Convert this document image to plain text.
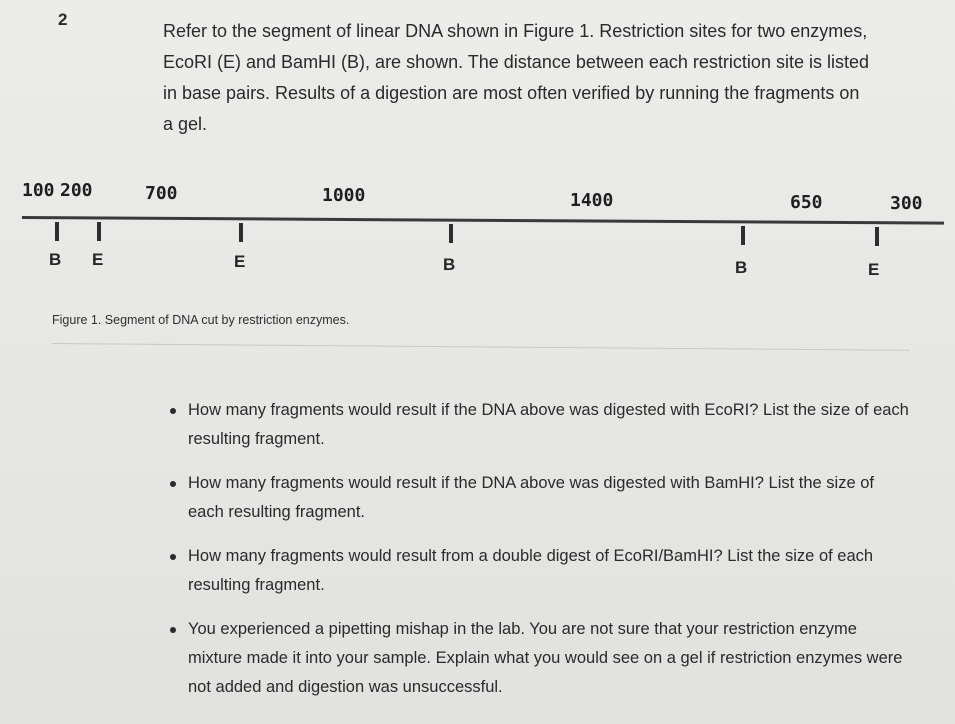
2
Refer to the segment of linear DNA shown in Figure 1. Restriction sites for two enzymes,
EcoRI (E) and BamHI (B), are shown. The distance between each restriction site is listed
in base pairs. Results of a digestion are most often verified by running the fragments on
a gel.
100 200	700	1000	1400	650	300
B E	E	B	B	E
Figure 1. Segment of DNA cut by restriction enzymes.
How many fragments would result if the DNA above was digested with EcoRI? List the size of each resulting fragment.
How many fragments would result if the DNA above was digested with BamHI? List the size of each resulting fragment.
How many fragments would result from a double digest of EcoRI/BamHI? List the size of each resulting fragment.
You experienced a pipetting mishap in the lab. You are not sure that your restriction enzyme mixture made it into your sample. Explain what you would see on a gel if restriction enzymes were not added and digestion was unsuccessful.
